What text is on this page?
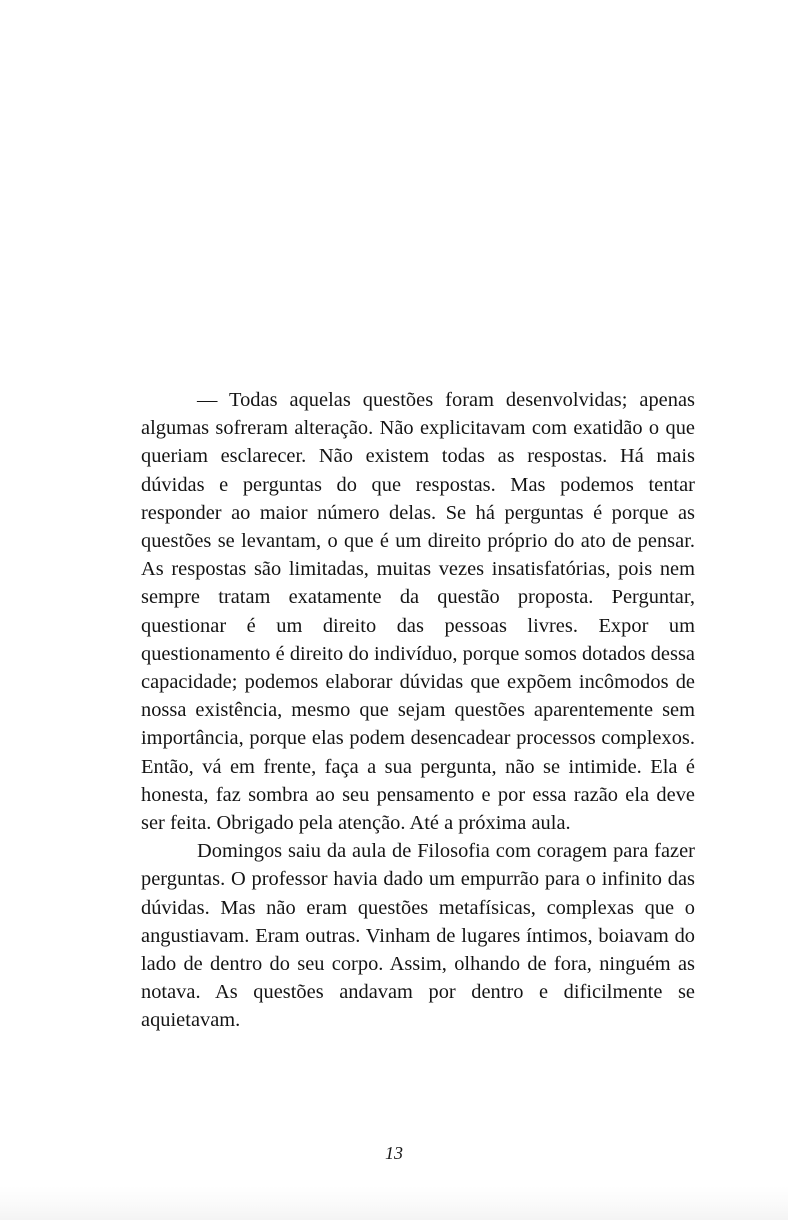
— Todas aquelas questões foram desenvolvidas; apenas algumas sofreram alteração. Não explicitavam com exatidão o que queriam esclarecer. Não existem todas as respostas. Há mais dúvidas e perguntas do que respostas. Mas podemos tentar responder ao maior número delas. Se há perguntas é porque as questões se levantam, o que é um direito próprio do ato de pensar. As respostas são limitadas, muitas vezes insatisfatórias, pois nem sempre tratam exatamente da questão proposta. Perguntar, questionar é um direito das pessoas livres. Expor um questionamento é direito do indivíduo, porque somos dotados dessa capacidade; podemos elaborar dúvidas que expõem incômodos de nossa existência, mesmo que sejam questões aparentemente sem importância, porque elas podem desencadear processos complexos. Então, vá em frente, faça a sua pergunta, não se intimide. Ela é honesta, faz sombra ao seu pensamento e por essa razão ela deve ser feita. Obrigado pela atenção. Até a próxima aula.

Domingos saiu da aula de Filosofia com coragem para fazer perguntas. O professor havia dado um empurrão para o infinito das dúvidas. Mas não eram questões metafísicas, complexas que o angustiavam. Eram outras. Vinham de lugares íntimos, boiavam do lado de dentro do seu corpo. Assim, olhando de fora, ninguém as notava. As questões andavam por dentro e dificilmente se aquietavam.

13
